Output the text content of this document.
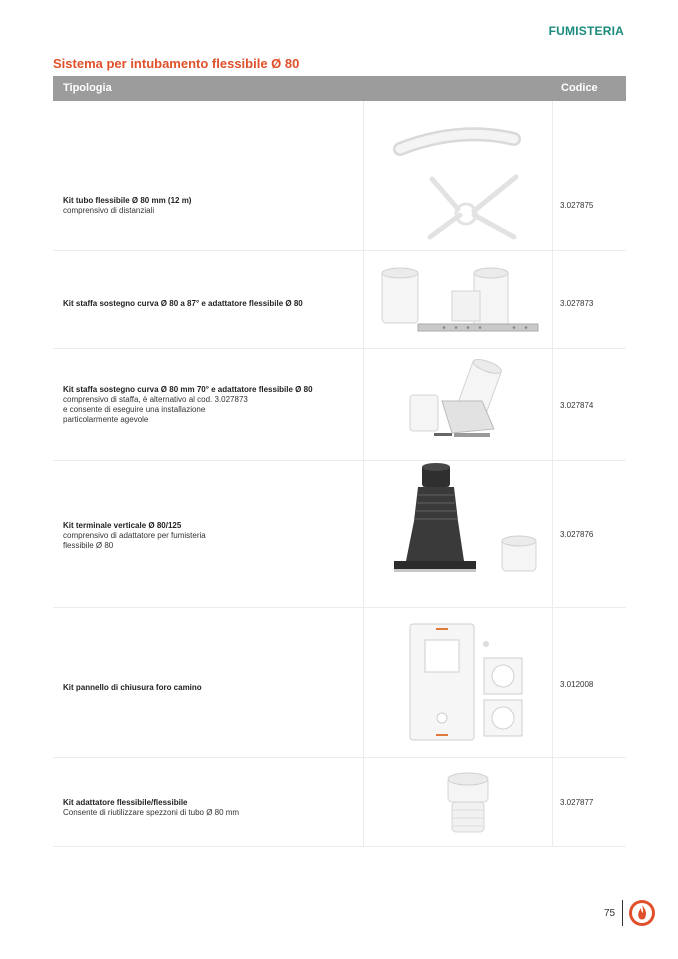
FUMISTERIA
Sistema per intubamento flessibile Ø 80
Tipologia	Codice
Kit tubo flessibile Ø 80 mm (12 m)
comprensivo di distanziali
3.027875
Kit staffa sostegno curva Ø 80 a 87° e adattatore flessibile Ø 80	3.027873
Kit staffa sostegno curva Ø 80 mm 70° e adattatore flessibile Ø 80
comprensivo di staffa, è alternativo al cod. 3.027873
e consente di eseguire una installazione
particolarmente agevole
3.027874
Kit terminale verticale Ø 80/125
comprensivo di adattatore per fumisteria
flessibile Ø 80
3.027876
Kit pannello di chiusura foro camino	3.012008
Kit adattatore flessibile/flessibile
Consente di riutilizzare spezzoni di tubo Ø 80 mm
3.027877
75
